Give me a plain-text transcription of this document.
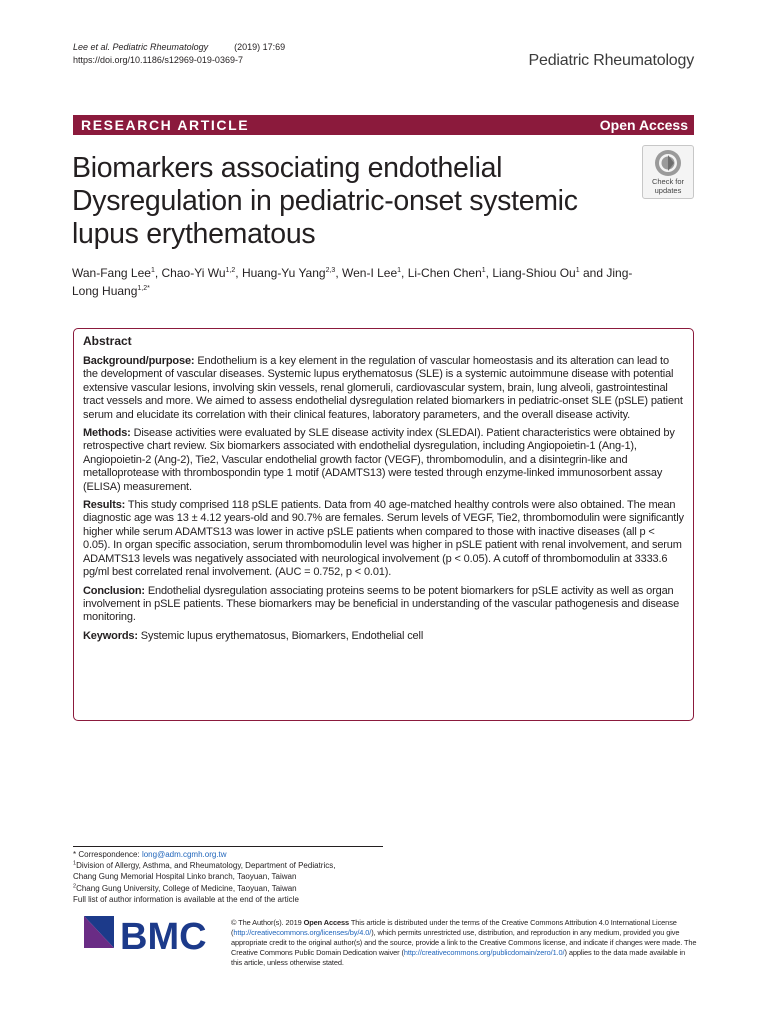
Lee et al. Pediatric Rheumatology	(2019) 17:69
https://doi.org/10.1186/s12969-019-0369-7	Pediatric Rheumatology
RESEARCH ARTICLE	Open Access
Biomarkers associating endothelial Dysregulation in pediatric-onset systemic lupus erythematous
Check for
updates
Wan-Fang Lee$^1$, Chao-Yi Wu$^{1,2}$, Huang-Yu Yang$^{2,3}$, Wen-I Lee$^1$, Li-Chen Chen$^1$, Liang-Shiou Ou$^1$ and Jing-Long Huang$^{1,2*}$
Abstract

Background/purpose: Endothelium is a key element in the regulation of vascular homeostasis and its alteration can lead to the development of vascular diseases. Systemic lupus erythematosus (SLE) is a systemic autoimmune disease with potential extensive vascular lesions, involving skin vessels, renal glomeruli, cardiovascular system, brain, lung alveoli, gastrointestinal tract vessels and more. We aimed to assess endothelial dysregulation related biomarkers in pediatric-onset SLE (pSLE) patient serum and elucidate its correlation with their clinical features, laboratory parameters, and the overall disease activity.

Methods: Disease activities were evaluated by SLE disease activity index (SLEDAI). Patient characteristics were obtained by retrospective chart review. Six biomarkers associated with endothelial dysregulation, including Angiopoietin-1 (Ang-1), Angiopoietin-2 (Ang-2), Tie2, Vascular endothelial growth factor (VEGF), thrombomodulin, and a disintegrin-like and metalloprotease with thrombospondin type 1 motif (ADAMTS13) were tested through enzyme-linked immunosorbent assay (ELISA) measurement.

Results: This study comprised 118 pSLE patients. Data from 40 age-matched healthy controls were also obtained. The mean diagnostic age was 13 ± 4.12 years-old and 90.7% are females. Serum levels of VEGF, Tie2, thrombomodulin were significantly higher while serum ADAMTS13 was lower in active pSLE patients when compared to those with inactive diseases (all p < 0.05). In organ specific association, serum thrombomodulin level was higher in pSLE patient with renal involvement, and serum ADAMTS13 levels was negatively associated with neurological involvement (p < 0.05). A cutoff of thrombomodulin at 3333.6 pg/ml best correlated renal involvement. (AUC = 0.752, p < 0.01).

Conclusion: Endothelial dysregulation associating proteins seems to be potent biomarkers for pSLE activity as well as organ involvement in pSLE patients. These biomarkers may be beneficial in understanding of the vascular pathogenesis and disease monitoring.

Keywords: Systemic lupus erythematosus, Biomarkers, Endothelial cell

* Correspondence: long@adm.cgmh.org.tw
$^1$Division of Allergy, Asthma, and Rheumatology, Department of Pediatrics,
Chang Gung Memorial Hospital Linko branch, Taoyuan, Taiwan
$^2$Chang Gung University, College of Medicine, Taoyuan, Taiwan
Full list of author information is available at the end of the article
BMC	© The Author(s). 2019 Open Access This article is distributed under the terms of the Creative Commons Attribution 4.0 International License (http://creativecommons.org/licenses/by/4.0/), which permits unrestricted use, distribution, and reproduction in any medium, provided you give appropriate credit to the original author(s) and the source, provide a link to the Creative Commons license, and indicate if changes were made. The Creative Commons Public Domain Dedication waiver (http://creativecommons.org/publicdomain/zero/1.0/) applies to the data made available in this article, unless otherwise stated.
